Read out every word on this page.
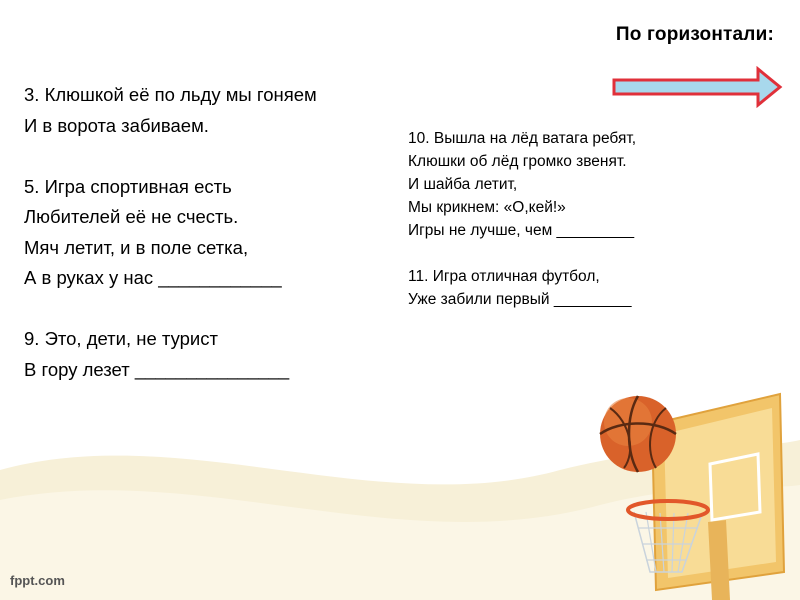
По горизонтали:
3. Клюшкой её по льду мы гоняем
И в ворота забиваем.
5. Игра спортивная есть
Любителей её не счесть.
Мяч летит, и в поле сетка,
А в руках у нас ____________
9. Это, дети, не турист
В гору лезет _______________
10. Вышла на лёд ватага ребят,
Клюшки об лёд громко звенят.
И шайба летит,
Мы крикнем: «О,кей!»
Игры не лучше, чем _________
11. Игра отличная футбол,
Уже забили первый _________
fppt.com
